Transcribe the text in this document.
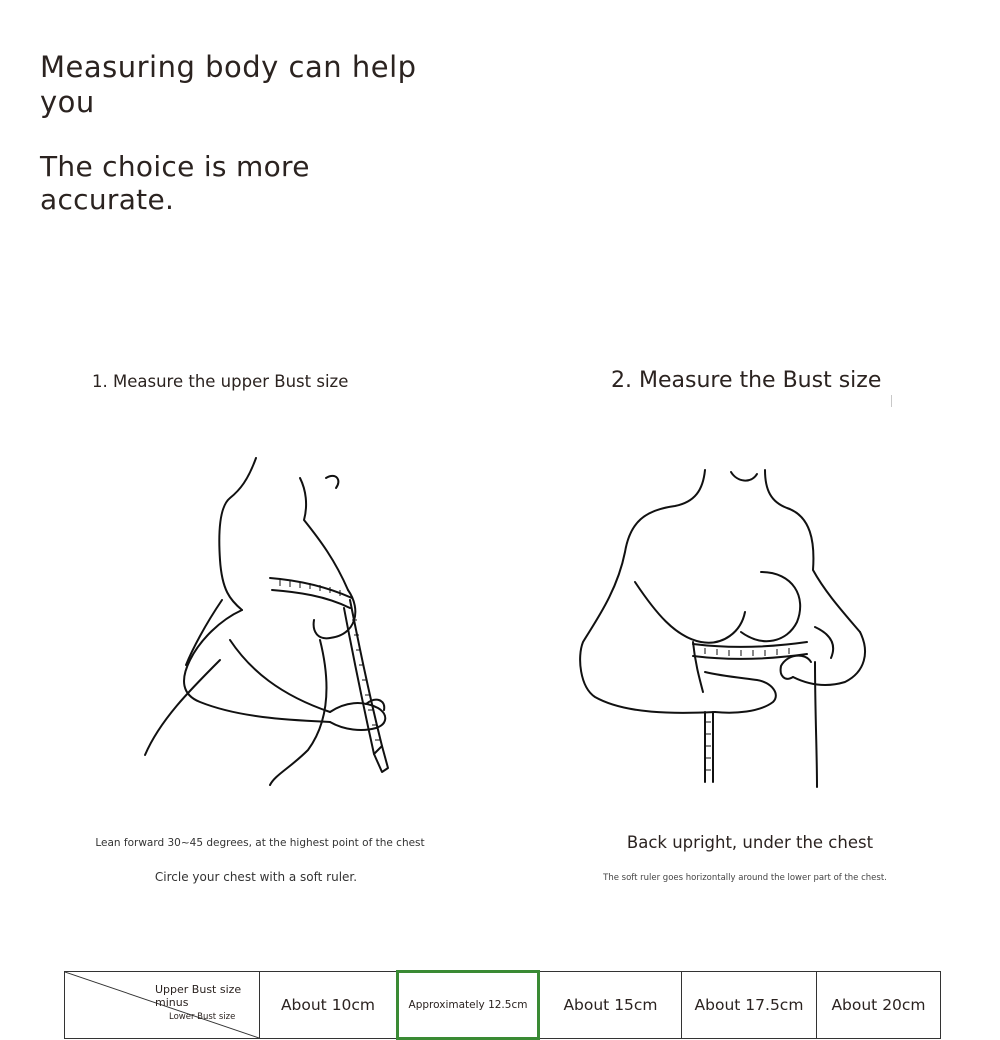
Measuring body can help you
The choice is more accurate.
1. Measure the upper Bust size	2. Measure the Bust size
Lean forward 30~45 degrees, at the highest point of the chest
Circle your chest with a soft ruler.
Back upright, under the chest
The soft ruler goes horizontally around the lower part of the chest.
Upper Bust size minus
Lower Bust size
	About 10cm	Approximately 12.5cm	About 15cm	About 17.5cm	About 20cm
